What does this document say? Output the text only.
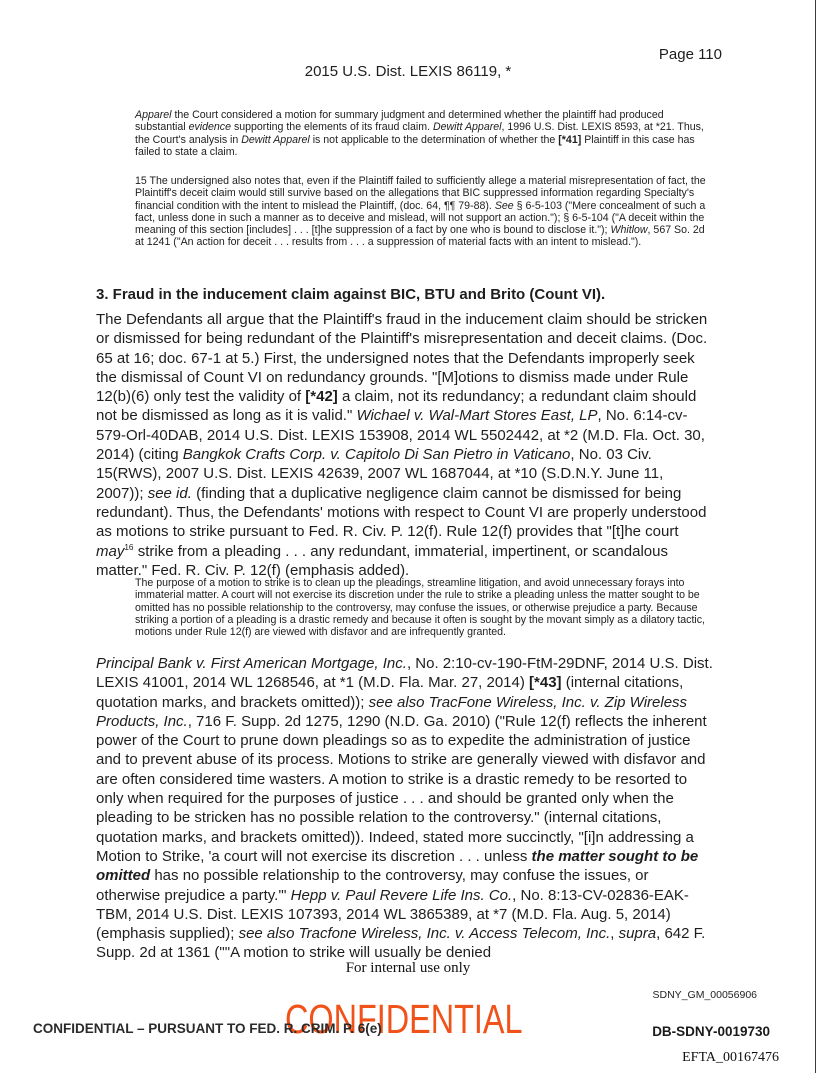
Page 110
2015 U.S. Dist. LEXIS 86119, *
Apparel the Court considered a motion for summary judgment and determined whether the plaintiff had produced substantial evidence supporting the elements of its fraud claim. Dewitt Apparel, 1996 U.S. Dist. LEXIS 8593, at *21. Thus, the Court's analysis in Dewitt Apparel is not applicable to the determination of whether the [*41] Plaintiff in this case has failed to state a claim.
15 The undersigned also notes that, even if the Plaintiff failed to sufficiently allege a material misrepresentation of fact, the Plaintiff's deceit claim would still survive based on the allegations that BIC suppressed information regarding Specialty's financial condition with the intent to mislead the Plaintiff, (doc. 64, ¶¶ 79-88). See § 6-5-103 ("Mere concealment of such a fact, unless done in such a manner as to deceive and mislead, will not support an action."); § 6-5-104 ("A deceit within the meaning of this section [includes] . . . [t]he suppression of a fact by one who is bound to disclose it."); Whitlow, 567 So. 2d at 1241 ("An action for deceit . . . results from . . . a suppression of material facts with an intent to mislead.").
3. Fraud in the inducement claim against BIC, BTU and Brito (Count VI).
The Defendants all argue that the Plaintiff's fraud in the inducement claim should be stricken or dismissed for being redundant of the Plaintiff's misrepresentation and deceit claims. (Doc. 65 at 16; doc. 67-1 at 5.) First, the undersigned notes that the Defendants improperly seek the dismissal of Count VI on redundancy grounds. "[M]otions to dismiss made under Rule 12(b)(6) only test the validity of [*42] a claim, not its redundancy; a redundant claim should not be dismissed as long as it is valid." Wichael v. Wal-Mart Stores East, LP, No. 6:14-cv-579-Orl-40DAB, 2014 U.S. Dist. LEXIS 153908, 2014 WL 5502442, at *2 (M.D. Fla. Oct. 30, 2014) (citing Bangkok Crafts Corp. v. Capitolo Di San Pietro in Vaticano, No. 03 Civ. 15(RWS), 2007 U.S. Dist. LEXIS 42639, 2007 WL 1687044, at *10 (S.D.N.Y. June 11, 2007)); see id. (finding that a duplicative negligence claim cannot be dismissed for being redundant). Thus, the Defendants' motions with respect to Count VI are properly understood as motions to strike pursuant to Fed. R. Civ. P. 12(f). Rule 12(f) provides that "[t]he court may$^{16}$ strike from a pleading . . . any redundant, immaterial, impertinent, or scandalous matter." Fed. R. Civ. P. 12(f) (emphasis added).
The purpose of a motion to strike is to clean up the pleadings, streamline litigation, and avoid unnecessary forays into immaterial matter. A court will not exercise its discretion under the rule to strike a pleading unless the matter sought to be omitted has no possible relationship to the controversy, may confuse the issues, or otherwise prejudice a party. Because striking a portion of a pleading is a drastic remedy and because it often is sought by the movant simply as a dilatory tactic, motions under Rule 12(f) are viewed with disfavor and are infrequently granted.
Principal Bank v. First American Mortgage, Inc., No. 2:10-cv-190-FtM-29DNF, 2014 U.S. Dist. LEXIS 41001, 2014 WL 1268546, at *1 (M.D. Fla. Mar. 27, 2014) [*43] (internal citations, quotation marks, and brackets omitted)); see also TracFone Wireless, Inc. v. Zip Wireless Products, Inc., 716 F. Supp. 2d 1275, 1290 (N.D. Ga. 2010) ("Rule 12(f) reflects the inherent power of the Court to prune down pleadings so as to expedite the administration of justice and to prevent abuse of its process. Motions to strike are generally viewed with disfavor and are often considered time wasters. A motion to strike is a drastic remedy to be resorted to only when required for the purposes of justice . . . and should be granted only when the pleading to be stricken has no possible relation to the controversy." (internal citations, quotation marks, and brackets omitted)). Indeed, stated more succinctly, "[i]n addressing a Motion to Strike, 'a court will not exercise its discretion . . . unless the matter sought to be omitted has no possible relationship to the controversy, may confuse the issues, or otherwise prejudice a party.'" Hepp v. Paul Revere Life Ins. Co., No. 8:13-CV-02836-EAK-TBM, 2014 U.S. Dist. LEXIS 107393, 2014 WL 3865389, at *7 (M.D. Fla. Aug. 5, 2014) (emphasis supplied); see also Tracfone Wireless, Inc. v. Access Telecom, Inc., supra, 642 F. Supp. 2d at 1361 (""A motion to strike will usually be denied
For internal use only
SDNY_GM_00056906
CONFIDENTIAL
CONFIDENTIAL – PURSUANT TO FED. R. CRIM. P. 6(e)	DB-SDNY-0019730
EFTA_00167476
